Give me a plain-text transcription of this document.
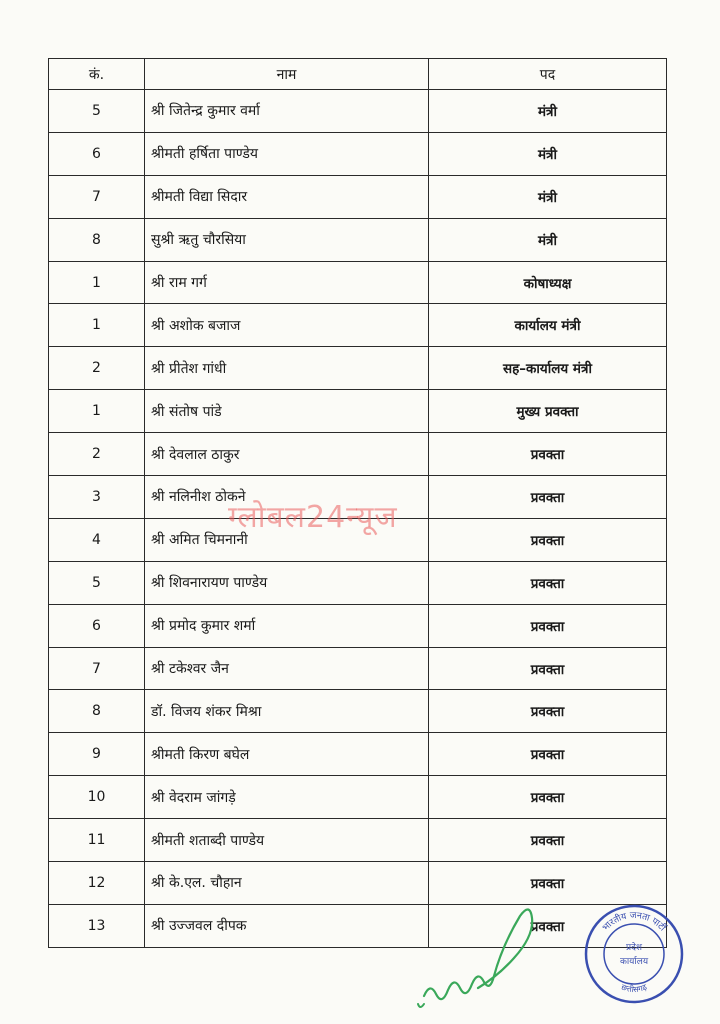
कं.	नाम	पद
5	श्री जितेन्द्र कुमार वर्मा	मंत्री
6	श्रीमती हर्षिता पाण्डेय	मंत्री
7	श्रीमती विद्या सिदार	मंत्री
8	सुश्री ऋतु चौरसिया	मंत्री
1	श्री राम गर्ग	कोषाध्यक्ष
1	श्री अशोक बजाज	कार्यालय मंत्री
2	श्री प्रीतेश गांधी	सह–कार्यालय मंत्री
1	श्री संतोष पांडे	मुख्य प्रवक्ता
2	श्री देवलाल ठाकुर	प्रवक्ता
3	श्री नलिनीश ठोकने	प्रवक्ता
4	श्री अमित चिमनानी	प्रवक्ता
5	श्री शिवनारायण पाण्डेय	प्रवक्ता
6	श्री प्रमोद कुमार शर्मा	प्रवक्ता
7	श्री टकेश्वर जैन	प्रवक्ता
8	डॉ. विजय शंकर मिश्रा	प्रवक्ता
9	श्रीमती किरण बघेल	प्रवक्ता
10	श्री वेदराम जांगड़े	प्रवक्ता
11	श्रीमती शताब्दी पाण्डेय	प्रवक्ता
12	श्री के.एल. चौहान	प्रवक्ता
13	श्री उज्जवल दीपक	प्रवक्ता
ग्लोबल24न्यूज
भारतीय जनता पार्टी
प्रदेश
कार्यालय
छत्तीसगढ़
